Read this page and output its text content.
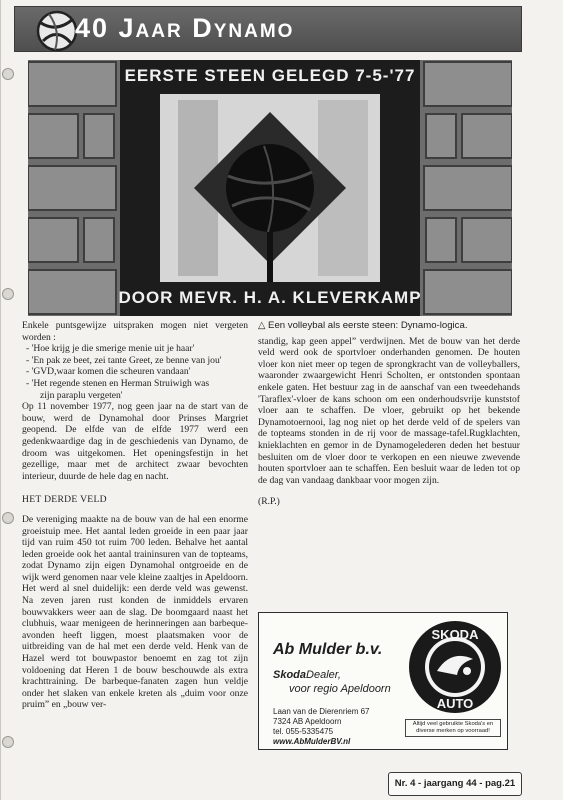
40 Jaar Dynamo
EERSTE STEEN GELEGD 7-5-'77
DOOR MEVR. H. A. KLEVERKAMP

Enkele puntsgewijze uitspraken mogen niet vergeten worden :

- 'Hoe krijg je die smerige menie uit je haar'

- 'En pak ze beet, zei tante Greet, ze benne van jou'

- 'GVD,waar komen die scheuren vandaan'

- 'Het regende stenen en Herman Struiwigh was

zijn paraplu vergeten'

Op 11 november 1977, nog geen jaar na de start van de bouw, werd de Dynamohal door Prinses Margriet geopend. De elfde van de elfde 1977 werd een gedenkwaardige dag in de geschiedenis van Dynamo, de droom was uitgekomen. Het openingsfestijn in het gezellige, maar met de architect zwaar bevochten interieur, duurde de hele dag en nacht.

HET DERDE VELD

De vereniging maakte na de bouw van de hal een enorme groeistuip mee. Het aantal leden groeide in een paar jaar tijd van ruim 450 tot ruim 700 leden. Behalve het aantal leden groeide ook het aantal traininsuren van de topteams, zodat Dynamo zijn eigen Dynamohal ontgroeide en de wijk werd genomen naar vele kleine zaaltjes in Apeldoorn. Het werd al snel duidelijk: een derde veld was gewenst. Na zeven jaren rust konden de inmiddels ervaren bouwvakkers weer aan de slag. De boomgaard naast het clubhuis, waar menigeen de herinneringen aan barbeque-avonden heeft liggen, moest plaatsmaken voor de uitbreiding van de hal met een derde veld. Henk van de Hazel werd tot bouwpastor benoemt en zag tot zijn voldoening dat Heren 1 de bouw beschouwde als extra krachttraining. De barbeque-fanaten zagen hun veldje onder het slaken van enkele kreten als „duim voor onze pruim” en „bouw ver-

△ Een volleybal als eerste steen: Dynamo-logica.

standig, kap geen appel” verdwijnen. Met de bouw van het derde veld werd ook de sportvloer onderhanden genomen. De houten vloer kon niet meer op tegen de sprongkracht van de volleyballers, waaronder zwaargewicht Henri Scholten, er ontstonden spontaan enkele gaten. Het bestuur zag in de aanschaf van een tweedehands 'Taraflex'-vloer de kans schoon om een onderhoudsvrije kunststof vloer aan te schaffen. De vloer, gebruikt op het bekende Dynamotoernooi, lag nog niet op het derde veld of de spelers van de topteams stonden in de rij voor de massage-tafel.Rugklachten, knieklachten en gemor in de Dynamogelederen deden het bestuur besluiten om de vloer door te verkopen en een nieuwe zwevende houten sportvloer aan te schaffen. Een besluit waar de leden tot op de dag van vandaag dankbaar voor mogen zijn.

(R.P.)

Ab Mulder b.v.
SkodaDealer,
voor regio Apeldoorn
Laan van de Dierenriem 67
7324 AB Apeldoorn
tel. 055-5335475
www.AbMulderBV.nl
SKODA
AUTO
Altijd veel gebruikte Skoda's en diverse merken op voorraad!
Nr. 4 - jaargang 44 - pag.21
